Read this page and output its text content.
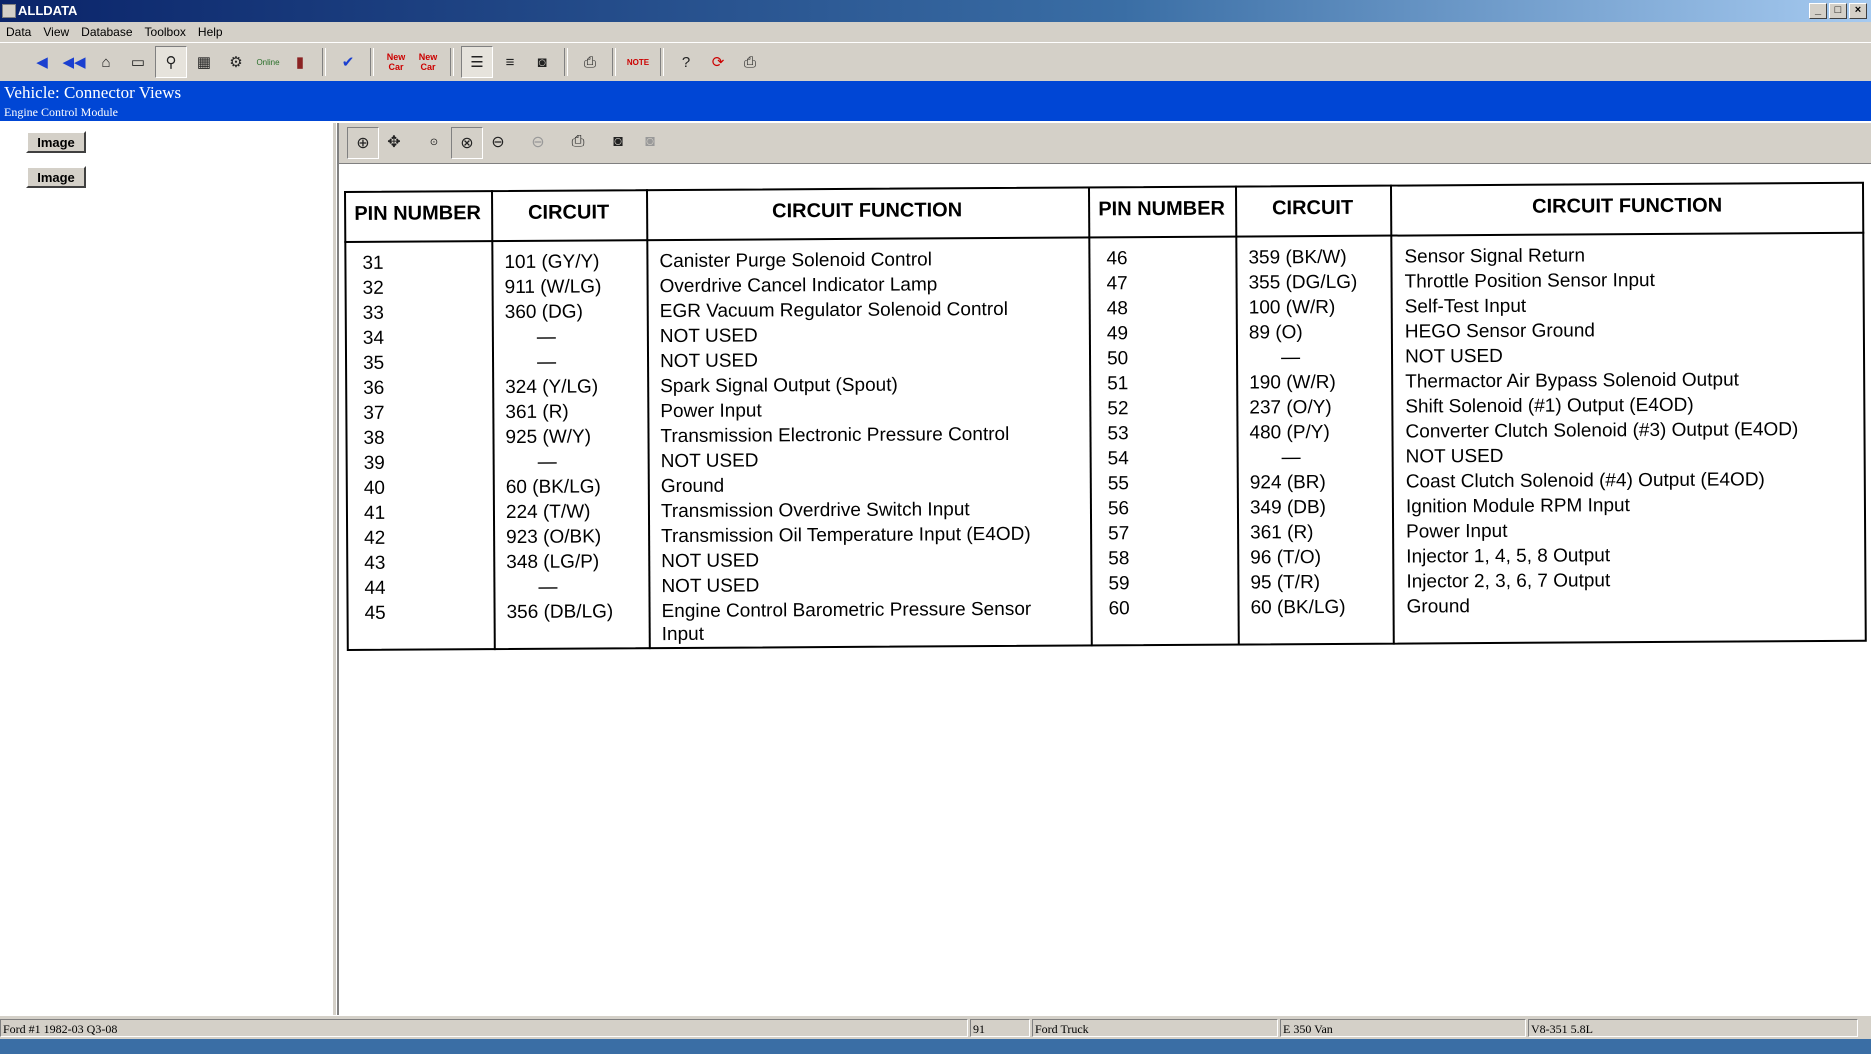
ALLDATA	_	□	×
Data	View	Database	Toolbox	Help
◀ ◀◀	⌂	▭	⚲	▦	⚙	Online	▮	✔	New Car
New Car	☰	≡	◙	⎙	NOTE	?	⟳	⎙
Vehicle: Connector Views
Engine Control Module
Image
Image
⊕	✥	⊙	⊗	⊖	⊖	⎙	◙	◙
PIN NUMBER	CIRCUIT	CIRCUIT FUNCTION	PIN NUMBER	CIRCUIT	CIRCUIT FUNCTION
31	101 (GY/Y)	Canister Purge Solenoid Control
32	911 (W/LG)	Overdrive Cancel Indicator Lamp
33	360 (DG)	EGR Vacuum Regulator Solenoid Control
34	—	NOT USED
35	—	NOT USED
36	324 (Y/LG)	Spark Signal Output (Spout)
37	361 (R)	Power Input
38	925 (W/Y)	Transmission Electronic Pressure Control
39	—	NOT USED
40	60 (BK/LG)	Ground
41	224 (T/W)	Transmission Overdrive Switch Input
42	923 (O/BK)	Transmission Oil Temperature Input (E4OD)
43	348 (LG/P)	NOT USED
44	—	NOT USED
45	356 (DB/LG)	Engine Control Barometric Pressure Sensor
Input
46	359 (BK/W)	Sensor Signal Return
47	355 (DG/LG) Throttle Position Sensor Input
48	100 (W/R)	Self-Test Input
49	89 (O)	HEGO Sensor Ground
50	—	NOT USED
51	190 (W/R)	Thermactor Air Bypass Solenoid Output
52	237 (O/Y)	Shift Solenoid (#1) Output (E4OD)
53	480 (P/Y)	Converter Clutch Solenoid (#3) Output (E4OD)
54	—	NOT USED
55	924 (BR)	Coast Clutch Solenoid (#4) Output (E4OD)
56	349 (DB)	Ignition Module RPM Input
57	361 (R)	Power Input
58	96 (T/O)	Injector 1, 4, 5, 8 Output
59	95 (T/R)	Injector 2, 3, 6, 7 Output
60	60 (BK/LG)	Ground
Ford #1 1982-03 Q3-08	91	Ford Truck	E 350 Van	V8-351 5.8L
